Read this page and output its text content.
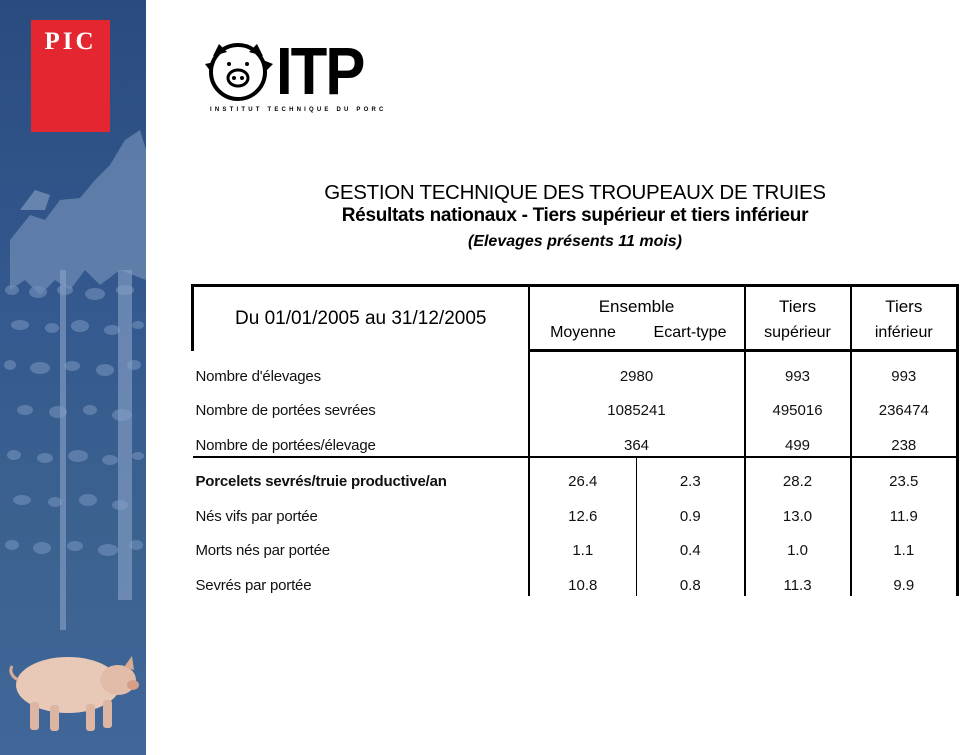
PIC	ITP
INSTITUT TECHNIQUE DU PORC
GESTION TECHNIQUE DES TROUPEAUX DE TRUIES
Résultats nationaux - Tiers supérieur et tiers inférieur
(Elevages présents 11 mois)
Du 01/01/2005 au 31/12/2005	Ensemble		Tiers	Tiers
	Moyenne	Ecart-type	supérieur	inférieur
Nombre d'élevages	2980		993	993
Nombre de portées sevrées	1085241		495016	236474
Nombre de portées/élevage	364		499	238
Porcelets sevrés/truie productive/an	26.4	2.3	28.2	23.5
Nés vifs par portée	12.6	0.9	13.0	11.9
Morts nés par portée	1.1	0.4	1.0	1.1
Sevrés par portée	10.8	0.8	11.3	9.9
